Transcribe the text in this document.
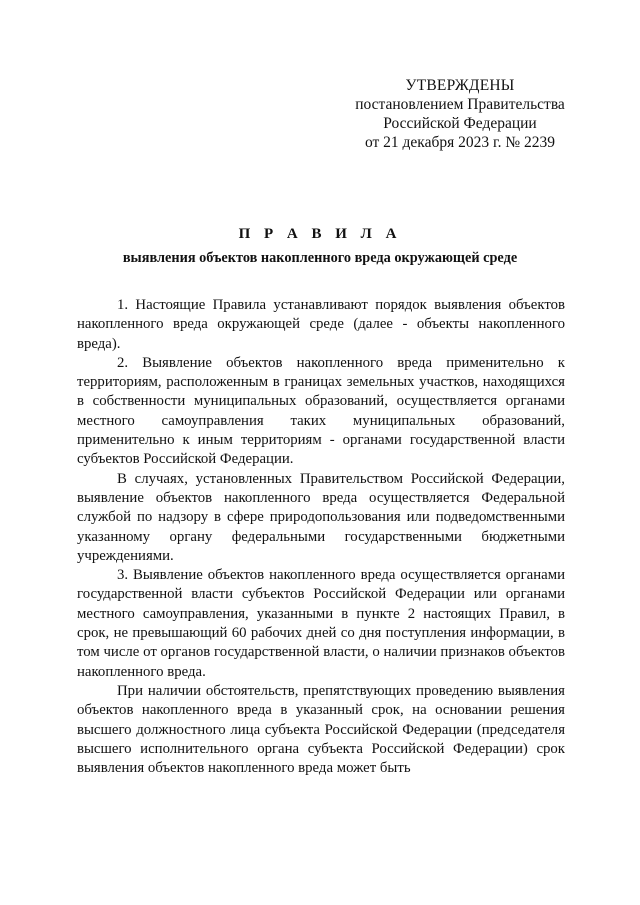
УТВЕРЖДЕНЫ
постановлением Правительства
Российской Федерации
от 21 декабря 2023 г. № 2239
П Р А В И Л А
выявления объектов накопленного вреда окружающей среде

1. Настоящие Правила устанавливают порядок выявления объектов накопленного вреда окружающей среде (далее - объекты накопленного вреда).

2. Выявление объектов накопленного вреда применительно к территориям, расположенным в границах земельных участков, находящихся в собственности муниципальных образований, осуществляется органами местного самоуправления таких муниципальных образований, применительно к иным территориям - органами государственной власти субъектов Российской Федерации.

В случаях, установленных Правительством Российской Федерации, выявление объектов накопленного вреда осуществляется Федеральной службой по надзору в сфере природопользования или подведомственными указанному органу федеральными государственными бюджетными учреждениями.

3. Выявление объектов накопленного вреда осуществляется органами государственной власти субъектов Российской Федерации или органами местного самоуправления, указанными в пункте 2 настоящих Правил, в срок, не превышающий 60 рабочих дней со дня поступления информации, в том числе от органов государственной власти, о наличии признаков объектов накопленного вреда.

При наличии обстоятельств, препятствующих проведению выявления объектов накопленного вреда в указанный срок, на основании решения высшего должностного лица субъекта Российской Федерации (председателя высшего исполнительного органа субъекта Российской Федерации) срок выявления объектов накопленного вреда может быть
